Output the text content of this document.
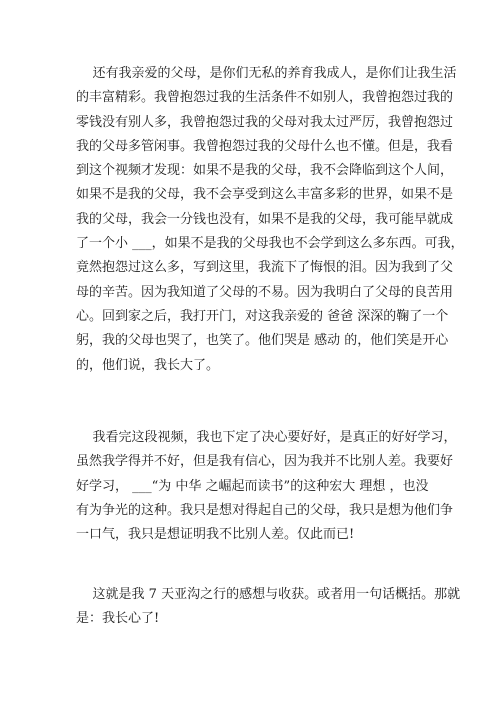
还有我亲爱的父母，是你们无私的养育我成人，是你们让我生活
的丰富精彩。我曾抱怨过我的生活条件不如别人，我曾抱怨过我的
零钱没有别人多，我曾抱怨过我的父母对我太过严厉，我曾抱怨过
我的父母多管闲事。我曾抱怨过我的父母什么也不懂。但是，我看
到这个视频才发现：如果不是我的父母，我不会降临到这个人间，
如果不是我的父母，我不会享受到这么丰富多彩的世界，如果不是
我的父母，我会一分钱也没有，如果不是我的父母，我可能早就成
了一个小 ___，如果不是我的父母我也不会学到这么多东西。可我，
竟然抱怨过这么多，写到这里，我流下了悔恨的泪。因为我到了父
母的辛苦。因为我知道了父母的不易。因为我明白了父母的良苦用
心。回到家之后，我打开门，对这我亲爱的 爸爸 深深的鞠了一个
躬，我的父母也哭了，也笑了。他们哭是 感动 的，他们笑是开心
的，他们说，我长大了。

我看完这段视频，我也下定了决心要好好，是真正的好好学习，
虽然我学得并不好，但是我有信心，因为我并不比别人差。我要好
好学习， ___“为 中华 之崛起而读书”的这种宏大 理想 ，也没
有为争光的这种。我只是想对得起自己的父母，我只是想为他们争
一口气，我只是想证明我不比别人差。仅此而已!

这就是我 7 天亚沟之行的感想与收获。或者用一句话概括。那就
是：我长心了!
